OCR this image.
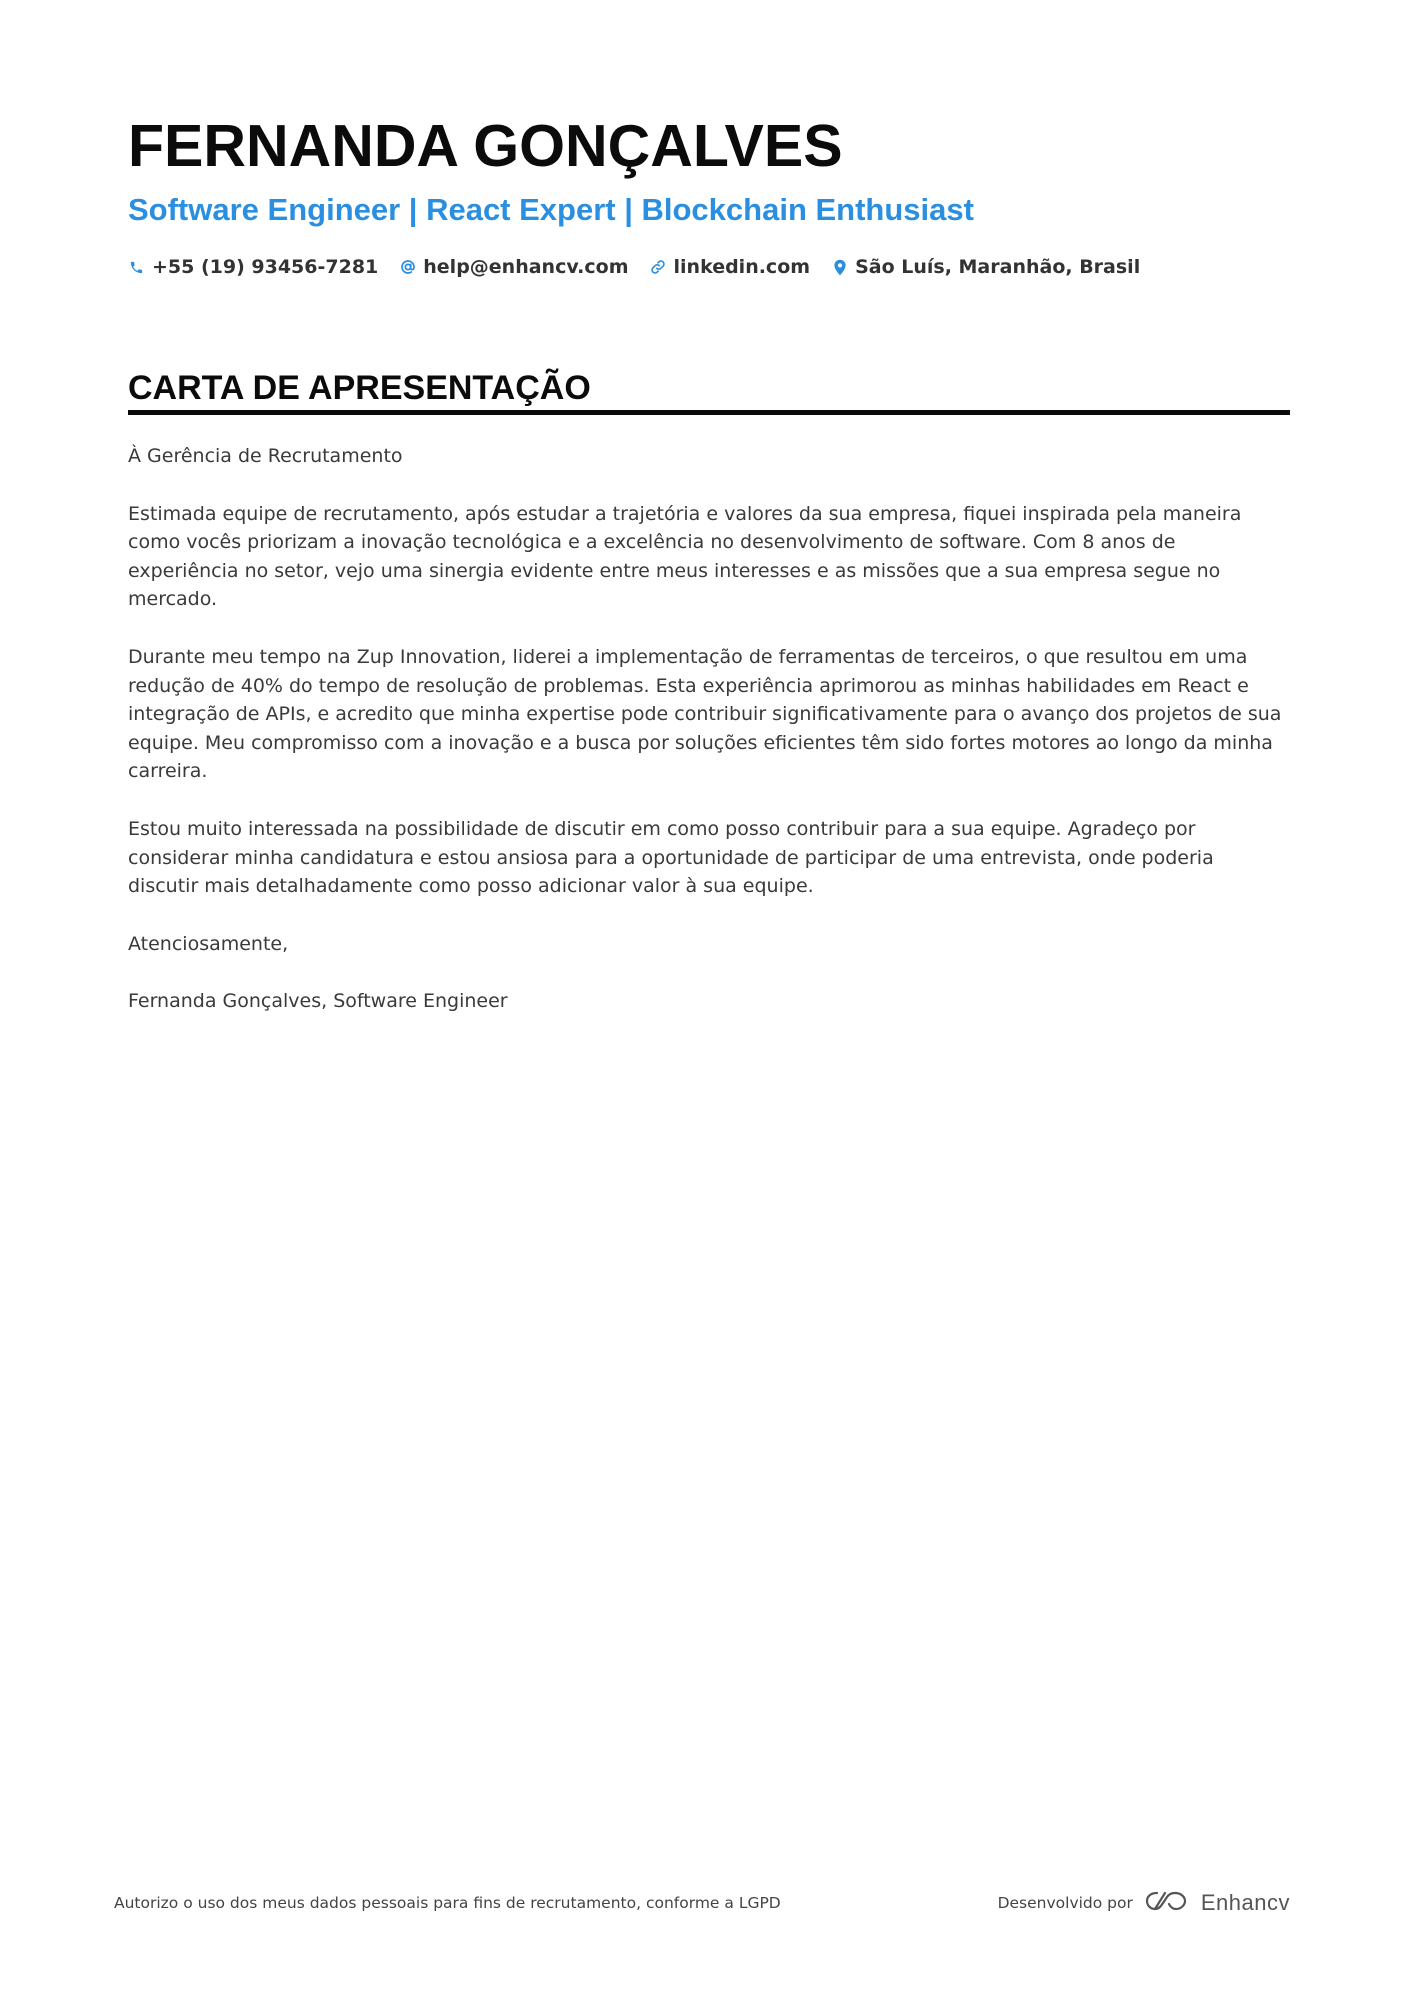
FERNANDA GONÇALVES
Software Engineer | React Expert | Blockchain Enthusiast
+55 (19) 93456-7281 help@enhancv.com linkedin.com São Luís, Maranhão, Brasil
CARTA DE APRESENTAÇÃO

À Gerência de Recrutamento

Estimada equipe de recrutamento, após estudar a trajetória e valores da sua empresa, fiquei inspirada pela maneira como vocês priorizam a inovação tecnológica e a excelência no desenvolvimento de software. Com 8 anos de experiência no setor, vejo uma sinergia evidente entre meus interesses e as missões que a sua empresa segue no mercado.

Durante meu tempo na Zup Innovation, liderei a implementação de ferramentas de terceiros, o que resultou em uma redução de 40% do tempo de resolução de problemas. Esta experiência aprimorou as minhas habilidades em React e integração de APIs, e acredito que minha expertise pode contribuir significativamente para o avanço dos projetos de sua equipe. Meu compromisso com a inovação e a busca por soluções eficientes têm sido fortes motores ao longo da minha carreira.

Estou muito interessada na possibilidade de discutir em como posso contribuir para a sua equipe. Agradeço por considerar minha candidatura e estou ansiosa para a oportunidade de participar de uma entrevista, onde poderia discutir mais detalhadamente como posso adicionar valor à sua equipe.

Atenciosamente,

Fernanda Gonçalves, Software Engineer

Autorizo o uso dos meus dados pessoais para fins de recrutamento, conforme a LGPD	Desenvolvido por	Enhancv
